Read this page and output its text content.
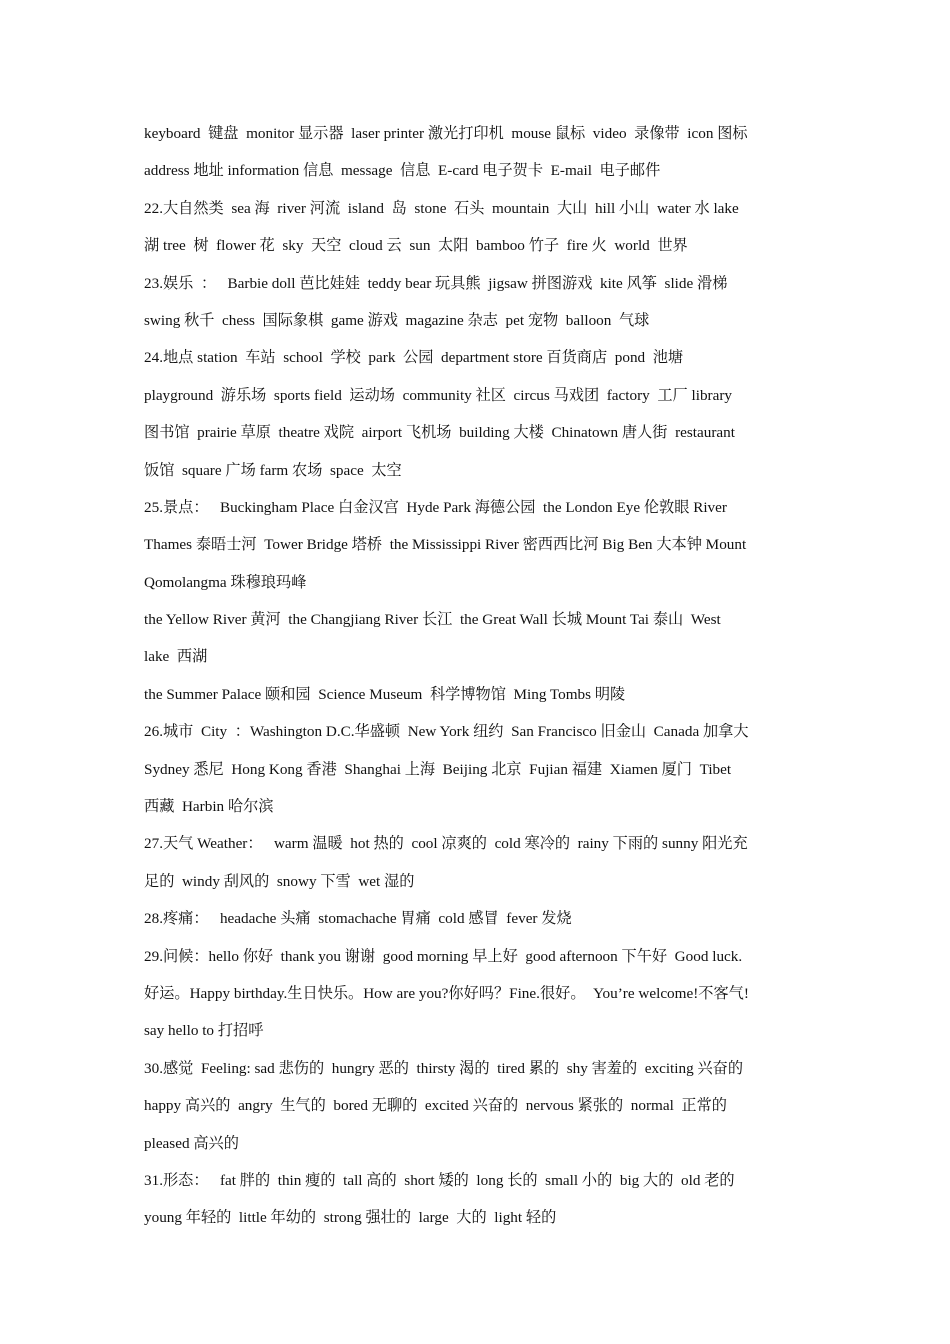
keyboard  键盘  monitor 显示器  laser printer 激光打印机  mouse 鼠标  video  录像带  icon 图标
address 地址 information 信息  message  信息  E-card 电子贺卡  E-mail  电子邮件
22.大自然类  sea 海  river 河流  island  岛  stone  石头  mountain  大山  hill 小山  water 水 lake
湖 tree  树  flower 花  sky  天空  cloud 云  sun  太阳  bamboo 竹子  fire 火  world  世界
23.娱乐  ：   Barbie doll 芭比娃娃  teddy bear 玩具熊  jigsaw 拼图游戏  kite 风筝  slide 滑梯
swing 秋千  chess  国际象棋  game 游戏  magazine 杂志  pet 宠物  balloon  气球
24.地点 station  车站  school  学校  park  公园  department store 百货商店  pond  池塘
playground  游乐场  sports field  运动场  community 社区  circus 马戏团  factory  工厂 library
图书馆  prairie 草原  theatre 戏院  airport 飞机场  building 大楼  Chinatown 唐人街  restaurant
饭馆  square 广场 farm 农场  space  太空
25.景点：   Buckingham Place 白金汉宫  Hyde Park 海德公园  the London Eye 伦敦眼 River
Thames 泰晤士河  Tower Bridge 塔桥  the Mississippi River 密西西比河 Big Ben 大本钟 Mount
Qomolangma 珠穆琅玛峰
the Yellow River 黄河  the Changjiang River 长江  the Great Wall 长城 Mount Tai 泰山  West
lake  西湖
the Summer Palace 颐和园  Science Museum  科学博物馆  Ming Tombs 明陵
26.城市  City  ：Washington D.C.华盛顿  New York 纽约  San Francisco 旧金山  Canada 加拿大
Sydney 悉尼  Hong Kong 香港  Shanghai 上海  Beijing 北京  Fujian 福建  Xiamen 厦门  Tibet
西藏  Harbin 哈尔滨
27.天气 Weather：   warm 温暖  hot 热的  cool 凉爽的  cold 寒冷的  rainy 下雨的 sunny 阳光充
足的  windy 刮风的  snowy 下雪  wet 湿的
28.疼痛：   headache 头痛  stomachache 胃痛  cold 感冒  fever 发烧
29.问候：hello 你好  thank you 谢谢  good morning 早上好  good afternoon 下午好  Good luck.
好运。Happy birthday.生日快乐。How are you?你好吗？Fine.很好。  You’re welcome!不客气!
say hello to 打招呼
30.感觉  Feeling: sad 悲伤的  hungry 恶的  thirsty 渴的  tired 累的  shy 害羞的  exciting 兴奋的
happy 高兴的  angry  生气的  bored 无聊的  excited 兴奋的  nervous 紧张的  normal  正常的
pleased 高兴的
31.形态：   fat 胖的  thin 瘦的  tall 高的  short 矮的  long 长的  small 小的  big 大的  old 老的
young 年轻的  little 年幼的  strong 强壮的  large  大的  light 轻的
